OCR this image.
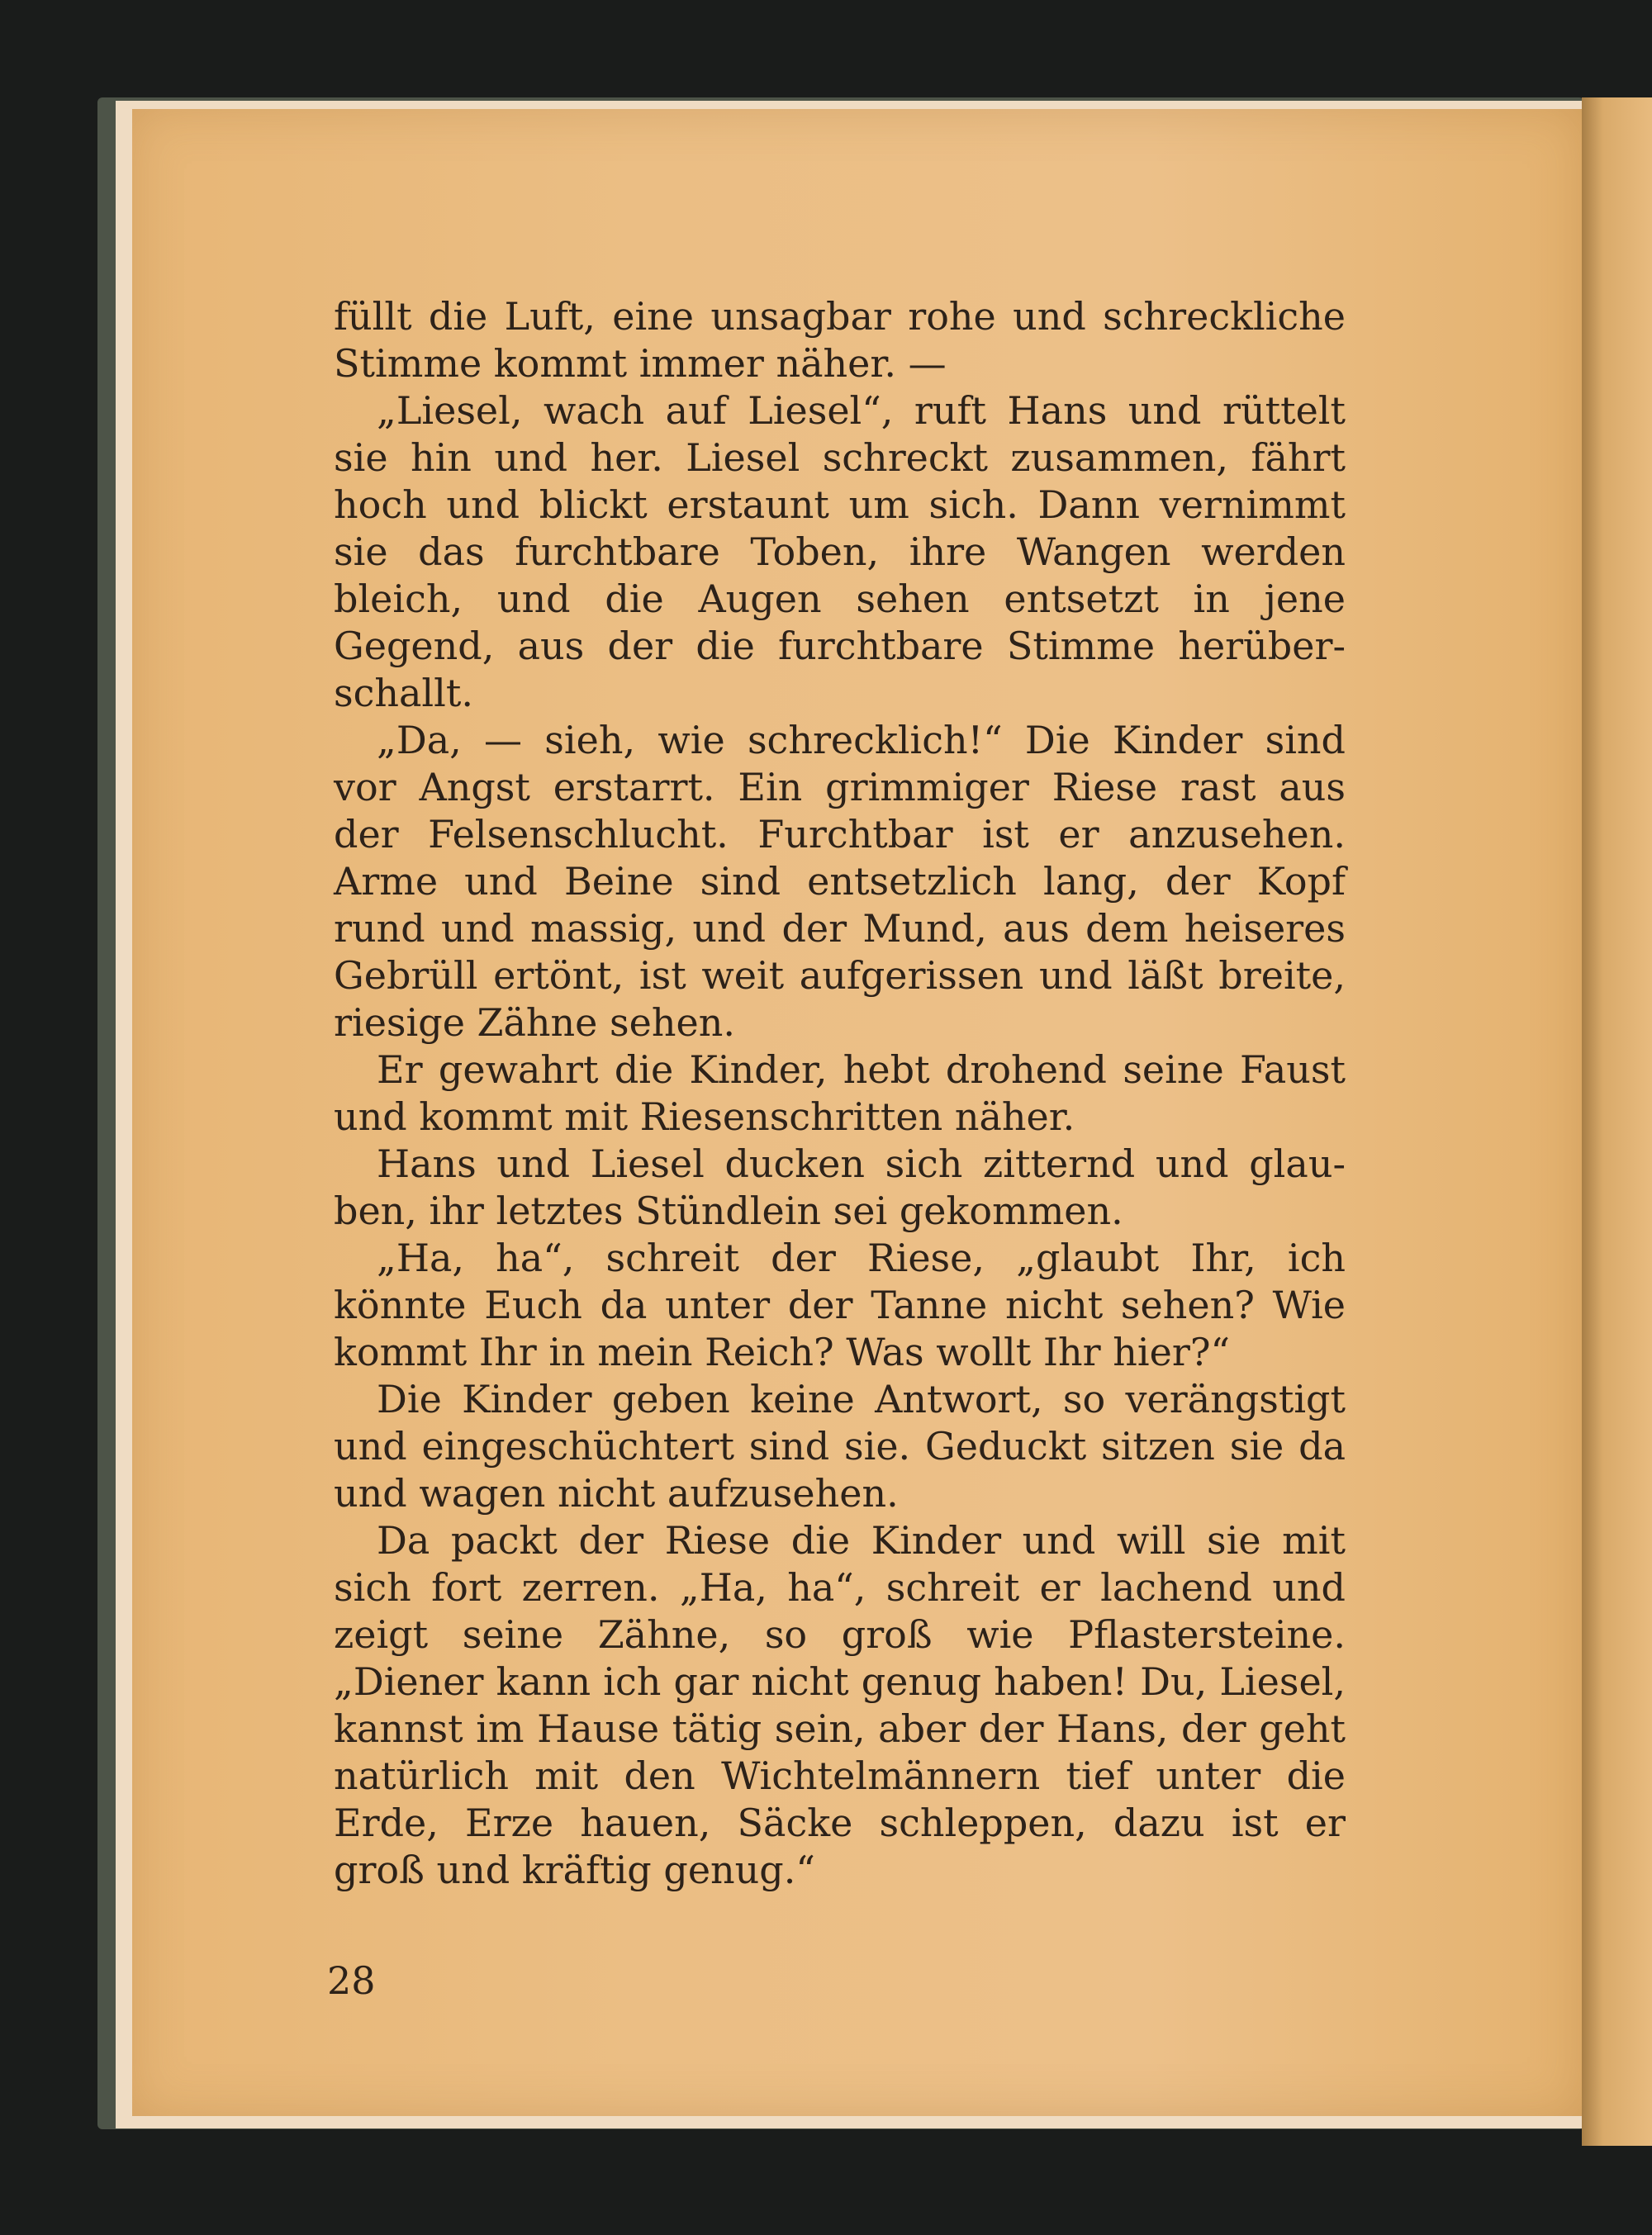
füllt die Luft, eine unsagbar rohe und schreckliche Stimme kommt immer näher. —

„Liesel, wach auf Liesel“, ruft Hans und rüttelt sie hin und her. Liesel schreckt zusammen, fährt hoch und blickt erstaunt um sich. Dann vernimmt sie das furchtbare Toben, ihre Wangen werden bleich, und die Augen sehen entsetzt in jene Gegend, aus der die furchtbare Stimme herüberschallt.

„Da, — sieh, wie schrecklich!“ Die Kinder sind vor Angst erstarrt. Ein grimmiger Riese rast aus der Felsenschlucht. Furchtbar ist er anzusehen. Arme und Beine sind entsetzlich lang, der Kopf rund und massig, und der Mund, aus dem heiseres Gebrüll ertönt, ist weit aufgerissen und läßt breite, riesige Zähne sehen.

Er gewahrt die Kinder, hebt drohend seine Faust und kommt mit Riesenschritten näher.

Hans und Liesel ducken sich zitternd und glauben, ihr letztes Stündlein sei gekommen.

„Ha, ha“, schreit der Riese, „glaubt Ihr, ich könnte Euch da unter der Tanne nicht sehen? Wie kommt Ihr in mein Reich? Was wollt Ihr hier?“

Die Kinder geben keine Antwort, so verängstigt und eingeschüchtert sind sie. Geduckt sitzen sie da und wagen nicht aufzusehen.

Da packt der Riese die Kinder und will sie mit sich fort zerren. „Ha, ha“, schreit er lachend und zeigt seine Zähne, so groß wie Pflastersteine. „Diener kann ich gar nicht genug haben! Du, Liesel, kannst im Hause tätig sein, aber der Hans, der geht natürlich mit den Wichtelmännern tief unter die Erde, Erze hauen, Säcke schleppen, dazu ist er groß und kräftig genug.“

28
